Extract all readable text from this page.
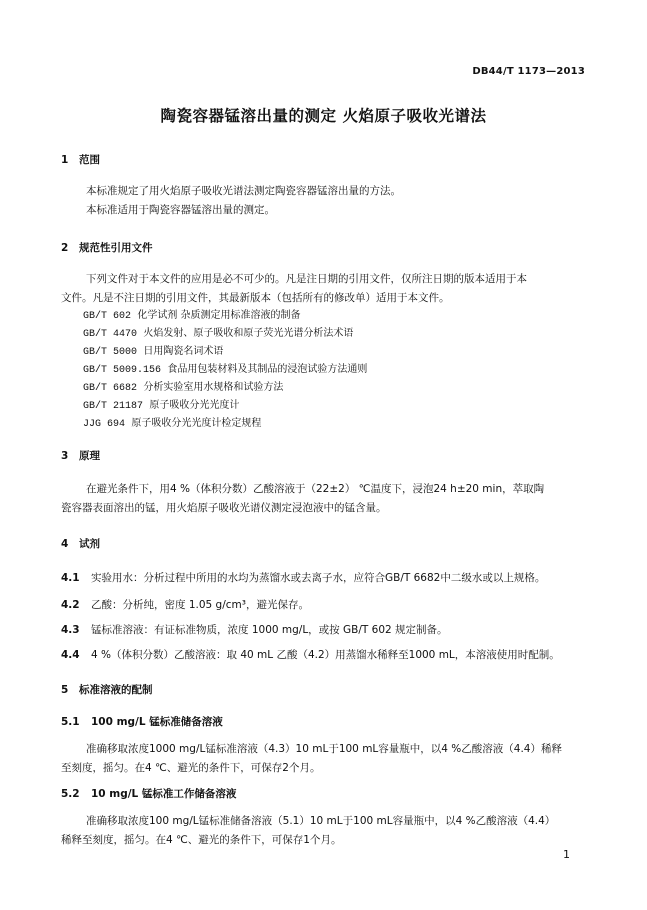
DB44/T 1173—2013
陶瓷容器锰溶出量的测定 火焰原子吸收光谱法
1 范围
本标准规定了用火焰原子吸收光谱法测定陶瓷容器锰溶出量的方法。
本标准适用于陶瓷容器锰溶出量的测定。
2 规范性引用文件
下列文件对于本文件的应用是必不可少的。凡是注日期的引用文件，仅所注日期的版本适用于本
文件。凡是不注日期的引用文件，其最新版本（包括所有的修改单）适用于本文件。
GB/T 602 化学试剂 杂质测定用标准溶液的制备
GB/T 4470 火焰发射、原子吸收和原子荧光光谱分析法术语
GB/T 5000 日用陶瓷名词术语
GB/T 5009.156 食品用包装材料及其制品的浸泡试验方法通则
GB/T 6682 分析实验室用水规格和试验方法
GB/T 21187 原子吸收分光光度计
JJG 694 原子吸收分光光度计检定规程
3 原理
在避光条件下，用4 %（体积分数）乙酸溶液于（22±2） ℃温度下，浸泡24 h±20 min，萃取陶
瓷容器表面溶出的锰，用火焰原子吸收光谱仪测定浸泡液中的锰含量。
4 试剂
4.1 实验用水：分析过程中所用的水均为蒸馏水或去离子水，应符合GB/T 6682中二级水或以上规格。
4.2 乙酸：分析纯，密度 1.05 g/cm³，避光保存。
4.3 锰标准溶液：有证标准物质，浓度 1000 mg/L，或按 GB/T 602 规定制备。
4.4 4 %（体积分数）乙酸溶液：取 40 mL 乙酸（4.2）用蒸馏水稀释至1000 mL，本溶液使用时配制。
5 标准溶液的配制
5.1 100 mg/L 锰标准储备溶液
准确移取浓度1000 mg/L锰标准溶液（4.3）10 mL于100 mL容量瓶中，以4 %乙酸溶液（4.4）稀释
至刻度，摇匀。在4 ℃、避光的条件下，可保存2个月。
5.2 10 mg/L 锰标准工作储备溶液
准确移取浓度100 mg/L锰标准储备溶液（5.1）10 mL于100 mL容量瓶中，以4 %乙酸溶液（4.4）
稀释至刻度，摇匀。在4 ℃、避光的条件下，可保存1个月。
1
